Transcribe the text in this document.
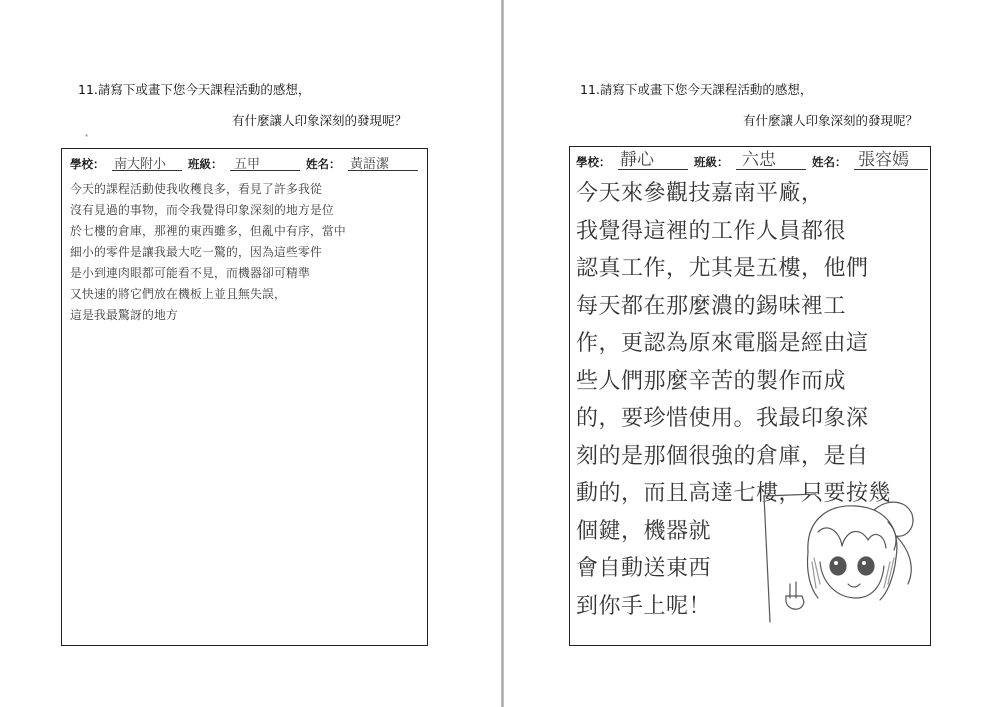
11.請寫下或畫下您今天課程活動的感想，
有什麼讓人印象深刻的發現呢？
·
學校： 南大附小 班級： 五甲	姓名： 黃語潔
今天的課程活動使我收穫良多，看見了許多我從
沒有見過的事物，而令我覺得印象深刻的地方是位
於七樓的倉庫，那裡的東西雖多，但亂中有序，當中
細小的零件是讓我最大吃一驚的，因為這些零件
是小到連肉眼都可能看不見，而機器卻可精準
又快速的將它們放在機板上並且無失誤，
這是我最驚訝的地方
11.請寫下或畫下您今天課程活動的感想，
有什麼讓人印象深刻的發現呢？
學校： 靜心	班級： 六忠	姓名： 張容嫣
今天來參觀技嘉南平廠，
我覺得這裡的工作人員都很
認真工作，尤其是五樓，他們
每天都在那麼濃的錫味裡工
作，更認為原來電腦是經由這
些人們那麼辛苦的製作而成
的，要珍惜使用。我最印象深
刻的是那個很強的倉庫，是自
動的，而且高達七樓，只要按幾
個鍵，機器就
會自動送東西
到你手上呢！
